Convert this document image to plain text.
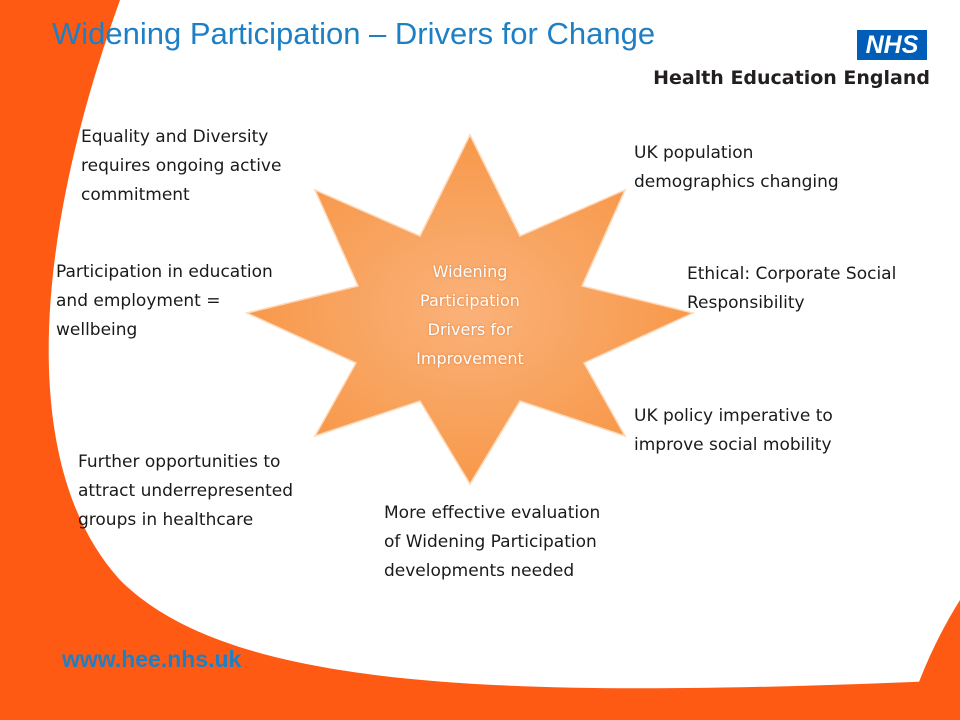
Widening Participation – Drivers for Change	NHS
Health Education England
Widening
Participation
Drivers for
Improvement

Equality and Diversity
requires ongoing active
commitment

UK population
demographics changing

Participation in education
and employment =
wellbeing

Ethical: Corporate Social
Responsibility

UK policy imperative to
improve social mobility

Further opportunities to
attract underrepresented
groups in healthcare	More effective evaluation
of Widening Participation
developments needed

www.hee.nhs.uk
